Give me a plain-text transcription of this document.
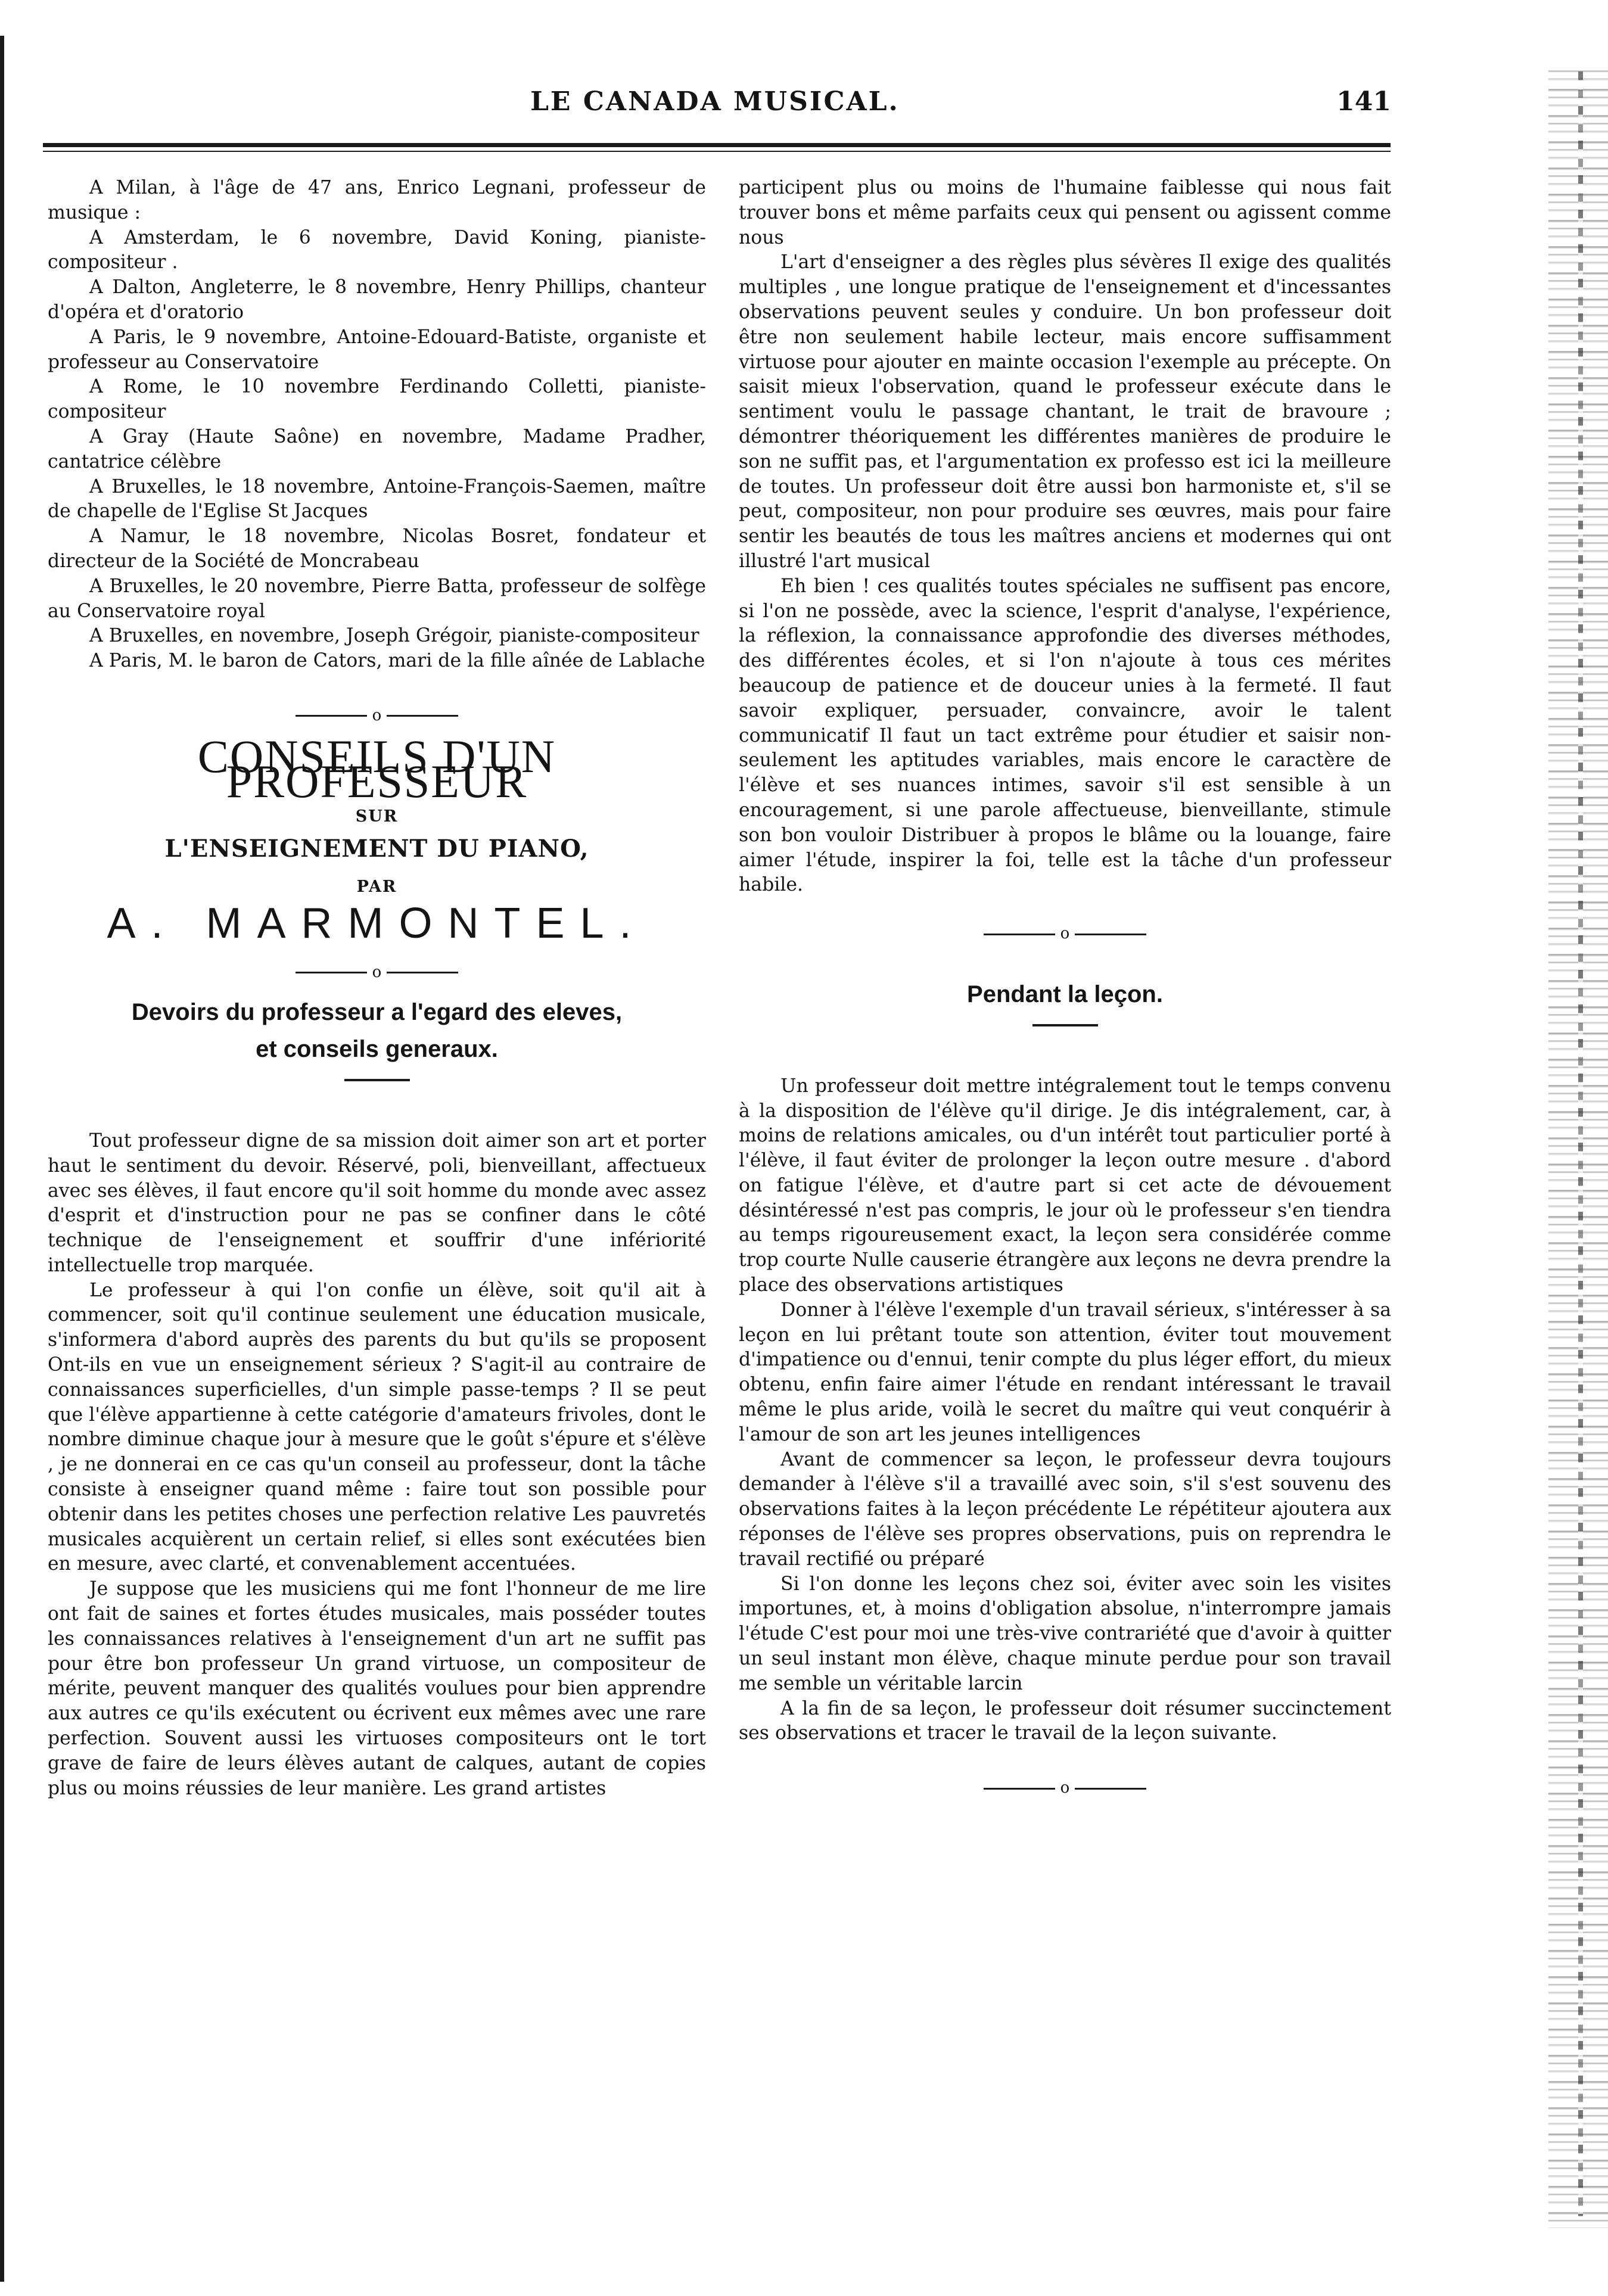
LE CANADA MUSICAL.	141

A Milan, à l'âge de 47 ans, Enrico Legnani, professeur de musique :

A Amsterdam, le 6 novembre, David Koning, pianiste-compositeur .

A Dalton, Angleterre, le 8 novembre, Henry Phillips, chanteur d'opéra et d'oratorio

A Paris, le 9 novembre, Antoine-Edouard-Batiste, organiste et professeur au Conservatoire

A Rome, le 10 novembre Ferdinando Colletti, pianiste-compositeur

A Gray (Haute Saône) en novembre, Madame Pradher, cantatrice célèbre

A Bruxelles, le 18 novembre, Antoine-François-Saemen, maître de chapelle de l'Eglise St Jacques

A Namur, le 18 novembre, Nicolas Bosret, fondateur et directeur de la Société de Moncrabeau

A Bruxelles, le 20 novembre, Pierre Batta, professeur de solfège au Conservatoire royal

A Bruxelles, en novembre, Joseph Grégoir, pianiste-compositeur

A Paris, M. le baron de Cators, mari de la fille aînée de Lablache

o
CONSEILS D'UN PROFESSEUR
SUR
L'ENSEIGNEMENT DU PIANO,
PAR
A. MARMONTEL.
o
Devoirs du professeur a l'egard des eleves,
et conseils generaux.

Tout professeur digne de sa mission doit aimer son art et porter haut le sentiment du devoir. Réservé, poli, bienveillant, affectueux avec ses élèves, il faut encore qu'il soit homme du monde avec assez d'esprit et d'instruction pour ne pas se confiner dans le côté technique de l'enseignement et souffrir d'une infériorité intellectuelle trop marquée.

Le professeur à qui l'on confie un élève, soit qu'il ait à commencer, soit qu'il continue seulement une éducation musicale, s'informera d'abord auprès des parents du but qu'ils se proposent Ont-ils en vue un enseignement sérieux ? S'agit-il au contraire de connaissances superficielles, d'un simple passe-temps ? Il se peut que l'élève appartienne à cette catégorie d'amateurs frivoles, dont le nombre diminue chaque jour à mesure que le goût s'épure et s'élève , je ne donnerai en ce cas qu'un conseil au professeur, dont la tâche consiste à enseigner quand même : faire tout son possible pour obtenir dans les petites choses une perfection relative Les pauvretés musicales acquièrent un certain relief, si elles sont exécutées bien en mesure, avec clarté, et convenablement accentuées.

Je suppose que les musiciens qui me font l'honneur de me lire ont fait de saines et fortes études musicales, mais posséder toutes les connaissances relatives à l'enseignement d'un art ne suffit pas pour être bon professeur Un grand virtuose, un compositeur de mérite, peuvent manquer des qualités voulues pour bien apprendre aux autres ce qu'ils exécutent ou écrivent eux mêmes avec une rare perfection. Souvent aussi les virtuoses compositeurs ont le tort grave de faire de leurs élèves autant de calques, autant de copies plus ou moins réussies de leur manière. Les grand artistes

participent plus ou moins de l'humaine faiblesse qui nous fait trouver bons et même parfaits ceux qui pensent ou agissent comme nous

L'art d'enseigner a des règles plus sévères Il exige des qualités multiples , une longue pratique de l'enseignement et d'incessantes observations peuvent seules y conduire. Un bon professeur doit être non seulement habile lecteur, mais encore suffisamment virtuose pour ajouter en mainte occasion l'exemple au précepte. On saisit mieux l'observation, quand le professeur exécute dans le sentiment voulu le passage chantant, le trait de bravoure ; démontrer théoriquement les différentes manières de produire le son ne suffit pas, et l'argumentation ex professo est ici la meilleure de toutes. Un professeur doit être aussi bon harmoniste et, s'il se peut, compositeur, non pour produire ses œuvres, mais pour faire sentir les beautés de tous les maîtres anciens et modernes qui ont illustré l'art musical

Eh bien ! ces qualités toutes spéciales ne suffisent pas encore, si l'on ne possède, avec la science, l'esprit d'analyse, l'expérience, la réflexion, la connaissance approfondie des diverses méthodes, des différentes écoles, et si l'on n'ajoute à tous ces mérites beaucoup de patience et de douceur unies à la fermeté. Il faut savoir expliquer, persuader, convaincre, avoir le talent communicatif Il faut un tact extrême pour étudier et saisir non-seulement les aptitudes variables, mais encore le caractère de l'élève et ses nuances intimes, savoir s'il est sensible à un encouragement, si une parole affectueuse, bienveillante, stimule son bon vouloir Distribuer à propos le blâme ou la louange, faire aimer l'étude, inspirer la foi, telle est la tâche d'un professeur habile.

o
Pendant la leçon.

Un professeur doit mettre intégralement tout le temps convenu à la disposition de l'élève qu'il dirige. Je dis intégralement, car, à moins de relations amicales, ou d'un intérêt tout particulier porté à l'élève, il faut éviter de prolonger la leçon outre mesure . d'abord on fatigue l'élève, et d'autre part si cet acte de dévouement désintéressé n'est pas compris, le jour où le professeur s'en tiendra au temps rigoureusement exact, la leçon sera considérée comme trop courte Nulle causerie étrangère aux leçons ne devra prendre la place des observations artistiques

Donner à l'élève l'exemple d'un travail sérieux, s'intéresser à sa leçon en lui prêtant toute son attention, éviter tout mouvement d'impatience ou d'ennui, tenir compte du plus léger effort, du mieux obtenu, enfin faire aimer l'étude en rendant intéressant le travail même le plus aride, voilà le secret du maître qui veut conquérir à l'amour de son art les jeunes intelligences

Avant de commencer sa leçon, le professeur devra toujours demander à l'élève s'il a travaillé avec soin, s'il s'est souvenu des observations faites à la leçon précédente Le répétiteur ajoutera aux réponses de l'élève ses propres observations, puis on reprendra le travail rectifié ou préparé

Si l'on donne les leçons chez soi, éviter avec soin les visites importunes, et, à moins d'obligation absolue, n'interrompre jamais l'étude C'est pour moi une très-vive contrariété que d'avoir à quitter un seul instant mon élève, chaque minute perdue pour son travail me semble un véritable larcin

A la fin de sa leçon, le professeur doit résumer succinctement ses observations et tracer le travail de la leçon suivante.

o
